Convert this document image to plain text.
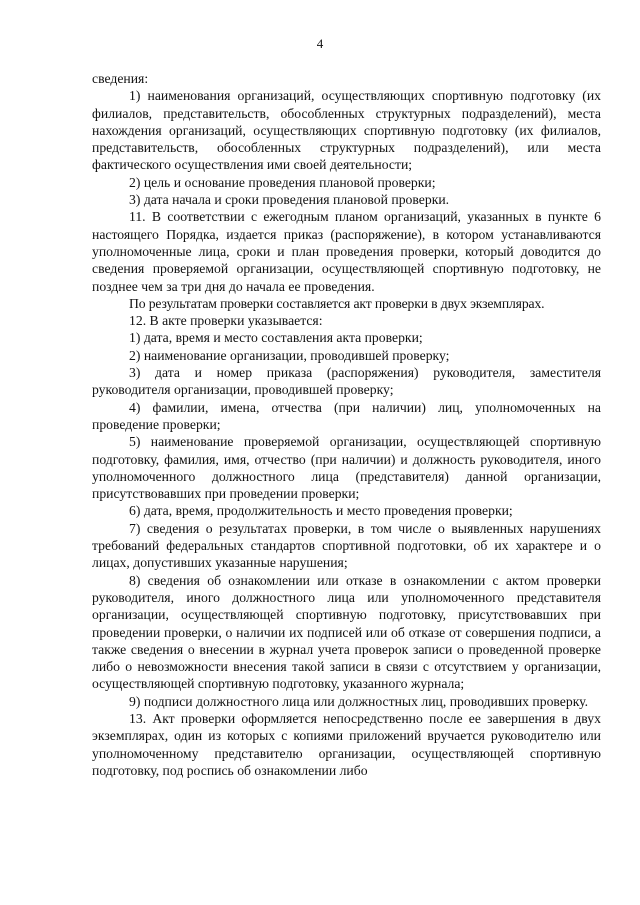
4

сведения:

1) наименования организаций, осуществляющих спортивную подготовку (их филиалов, представительств, обособленных структурных подразделений), места нахождения организаций, осуществляющих спортивную подготовку (их филиалов, представительств, обособленных структурных подразделений), или места фактического осуществления ими своей деятельности;

2) цель и основание проведения плановой проверки;

3) дата начала и сроки проведения плановой проверки.

11. В соответствии с ежегодным планом организаций, указанных в пункте 6 настоящего Порядка, издается приказ (распоряжение), в котором устанавливаются уполномоченные лица, сроки и план проведения проверки, который доводится до сведения проверяемой организации, осуществляющей спортивную подготовку, не позднее чем за три дня до начала ее проведения.

По результатам проверки составляется акт проверки в двух экземплярах.

12. В акте проверки указывается:

1) дата, время и место составления акта проверки;

2) наименование организации, проводившей проверку;

3) дата и номер приказа (распоряжения) руководителя, заместителя руководителя организации, проводившей проверку;

4) фамилии, имена, отчества (при наличии) лиц, уполномоченных на проведение проверки;

5) наименование проверяемой организации, осуществляющей спортивную подготовку, фамилия, имя, отчество (при наличии) и должность руководителя, иного уполномоченного должностного лица (представителя) данной организации, присутствовавших при проведении проверки;

6) дата, время, продолжительность и место проведения проверки;

7) сведения о результатах проверки, в том числе о выявленных нарушениях требований федеральных стандартов спортивной подготовки, об их характере и о лицах, допустивших указанные нарушения;

8) сведения об ознакомлении или отказе в ознакомлении с актом проверки руководителя, иного должностного лица или уполномоченного представителя организации, осуществляющей спортивную подготовку, присутствовавших при проведении проверки, о наличии их подписей или об отказе от совершения подписи, а также сведения о внесении в журнал учета проверок записи о проведенной проверке либо о невозможности внесения такой записи в связи с отсутствием у организации, осуществляющей спортивную подготовку, указанного журнала;

9) подписи должностного лица или должностных лиц, проводивших проверку.

13. Акт проверки оформляется непосредственно после ее завершения в двух экземплярах, один из которых с копиями приложений вручается руководителю или уполномоченному представителю организации, осуществляющей спортивную подготовку, под роспись об ознакомлении либо
